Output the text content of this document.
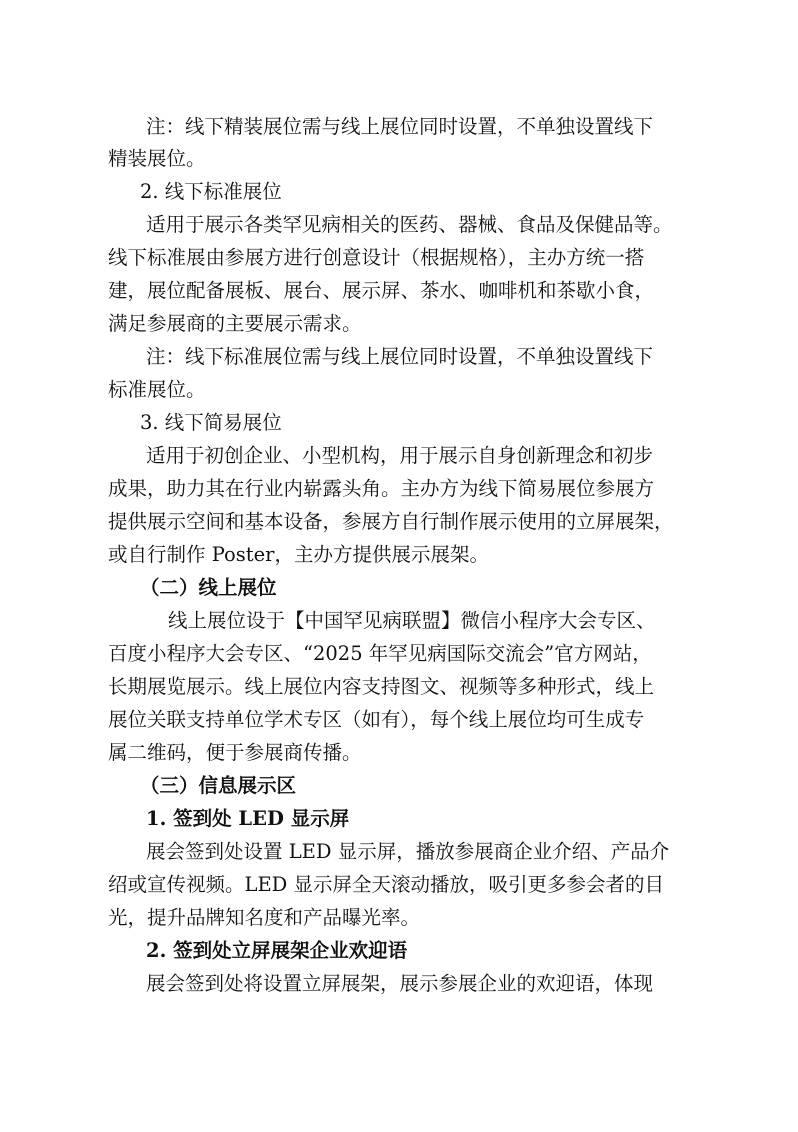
注：线下精装展位需与线上展位同时设置，不单独设置线下
精装展位。
2. 线下标准展位
适用于展示各类罕见病相关的医药、器械、食品及保健品等。
线下标准展由参展方进行创意设计（根据规格），主办方统一搭
建，展位配备展板、展台、展示屏、茶水、咖啡机和茶歇小食，
满足参展商的主要展示需求。
注：线下标准展位需与线上展位同时设置，不单独设置线下
标准展位。
3. 线下简易展位
适用于初创企业、小型机构，用于展示自身创新理念和初步
成果，助力其在行业内崭露头角。主办方为线下简易展位参展方
提供展示空间和基本设备，参展方自行制作展示使用的立屏展架，
或自行制作 Poster，主办方提供展示展架。
（二）线上展位
线上展位设于【中国罕见病联盟】微信小程序大会专区、
百度小程序大会专区、“2025 年罕见病国际交流会”官方网站，
长期展览展示。线上展位内容支持图文、视频等多种形式，线上
展位关联支持单位学术专区（如有），每个线上展位均可生成专
属二维码，便于参展商传播。
（三）信息展示区
1. 签到处 LED 显示屏
展会签到处设置 LED 显示屏，播放参展商企业介绍、产品介
绍或宣传视频。LED 显示屏全天滚动播放，吸引更多参会者的目
光，提升品牌知名度和产品曝光率。
2. 签到处立屏展架企业欢迎语
展会签到处将设置立屏展架，展示参展企业的欢迎语，体现
